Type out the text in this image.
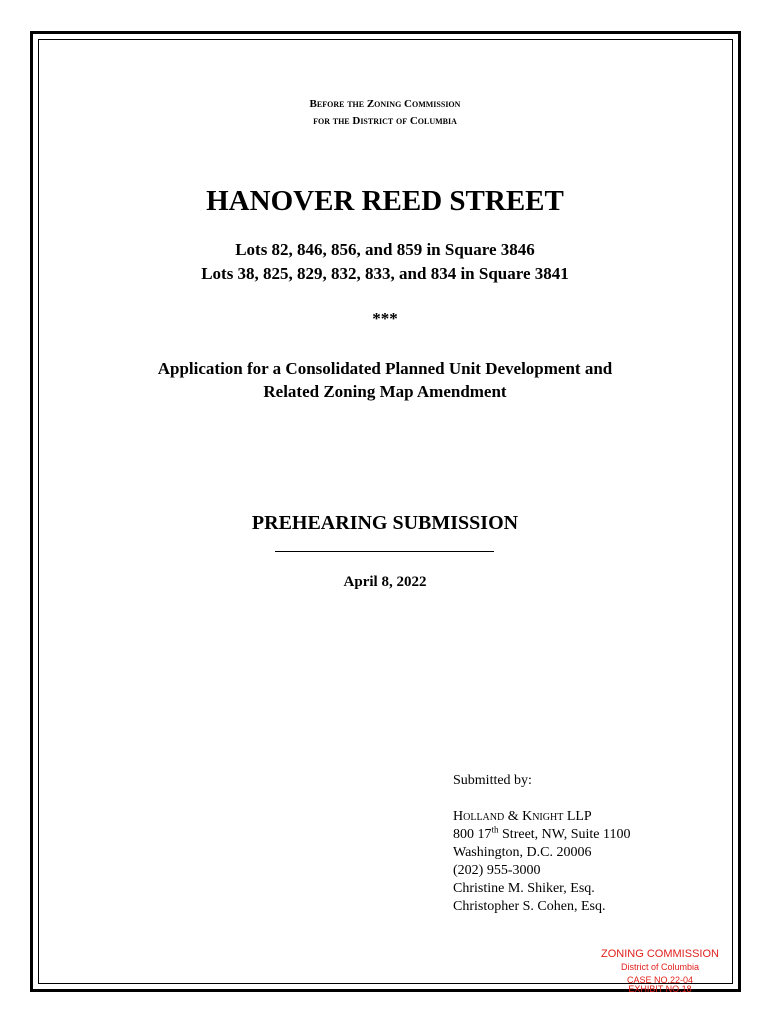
Before the Zoning Commission
for the District of Columbia
HANOVER REED STREET
Lots 82, 846, 856, and 859 in Square 3846
Lots 38, 825, 829, 832, 833, and 834 in Square 3841
***
Application for a Consolidated Planned Unit Development and
Related Zoning Map Amendment
PREHEARING SUBMISSION
April 8, 2022
Submitted by:
Holland & Knight LLP
800 17th Street, NW, Suite 1100
Washington, D.C. 20006
(202) 955-3000
Christine M. Shiker, Esq.
Christopher S. Cohen, Esq.
ZONING COMMISSION
District of Columbia
CASE NO.22-04
EXHIBIT NO.18
